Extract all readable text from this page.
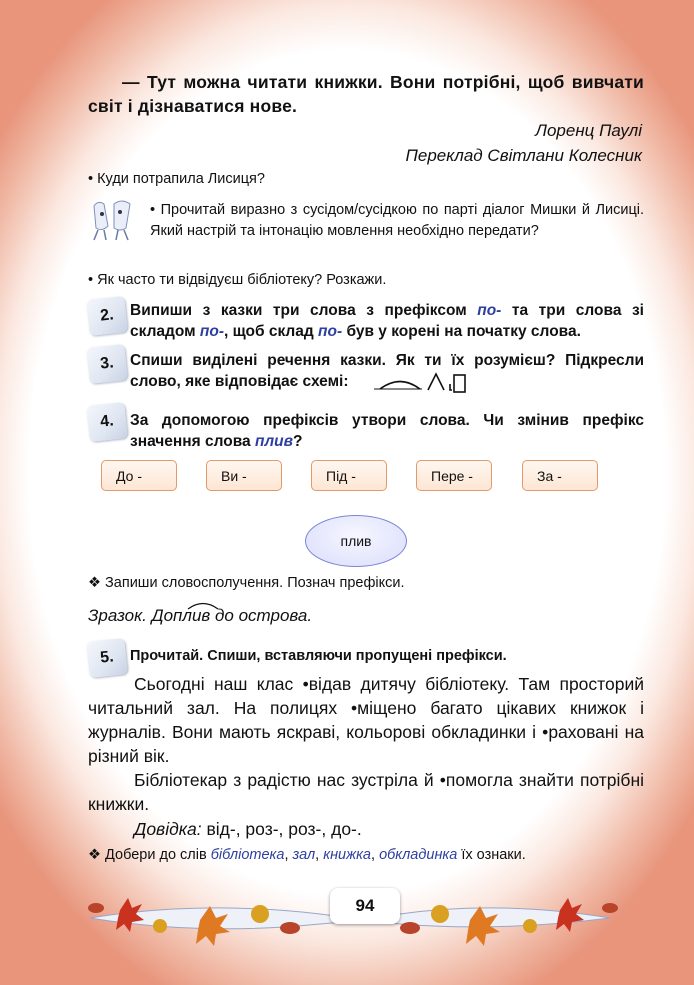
— Тут можна читати книжки. Вони потрібні, щоб вивчати світ і дізнаватися нове.
Лоренц Паулі
Переклад Світлани Колесник
• Куди потрапила Лисиця?
• Прочитай виразно з сусідом/сусідкою по парті діалог Мишки й Лисиці. Який настрій та інтонацію мовлення необхідно передати?
• Як часто ти відвідуєш бібліотеку? Розкажи.
2.	Випиши з казки три слова з префіксом по- та три слова зі складом по-, щоб склад по- був у корені на початку слова.
3.	Спиши виділені речення казки. Як ти їх розумієш? Підкресли слово, яке відповідає схемі:
4.	За допомогою префіксів утвори слова. Чи змінив префікс значення слова плив?
До -	Ви -	Під -	Пере -	За -
плив
❖ Запиши словосполучення. Познач префікси.
Зразок. Доплив до острова.
5.	Прочитай. Спиши, вставляючи пропущені префікси.
Сьогодні наш клас •відав дитячу бібліотеку. Там просторий читальний зал. На полицях •міщено багато цікавих книжок і журналів. Вони мають яскраві, кольорові обкладинки і •раховані на різний вік.
Бібліотекар з радістю нас зустріла й •помогла знайти потрібні книжки.
Довідка: від-, роз-, роз-, до-.
❖ Добери до слів бібліотека, зал, книжка, обкладинка їх ознаки.
94
